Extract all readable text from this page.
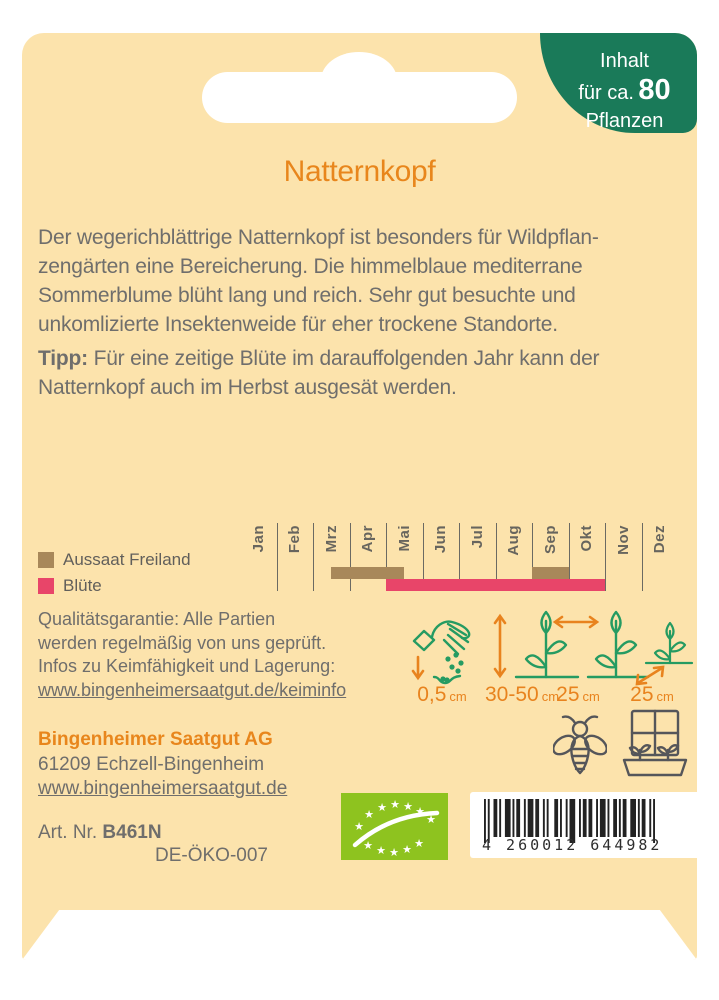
Inhalt
für ca. 80
Pflanzen
Natternkopf

Der wegerichblättrige Natternkopf ist besonders für Wildpflan-
zengärten eine Bereicherung. Die himmelblaue mediterrane
Sommerblume blüht lang und reich. Sehr gut besuchte und
unkomlizierte Insektenweide für eher trockene Standorte.

Tipp: Für eine zeitige Blüte im darauffolgenden Jahr kann der
Natternkopf auch im Herbst ausgesät werden.

Aussaat Freiland
Blüte
Jan Feb Mrz Apr Mai Jun Jul Aug Sep Okt Nov Dez
Qualitätsgarantie: Alle Partien
werden regelmäßig von uns geprüft.
Infos zu Keimfähigkeit und Lagerung:
www.bingenheimersaatgut.de/keiminfo	0,5 cm 30-50 cm
25 cm 25 cm
Bingenheimer Saatgut AG
61209 Echzell-Bingenheim
www.bingenheimersaatgut.de
Art. Nr. B461N
DE-ÖKO-007
★
★
★ ★ ★ ★
★
★ ★ ★ ★ ★	4 260012 644982
